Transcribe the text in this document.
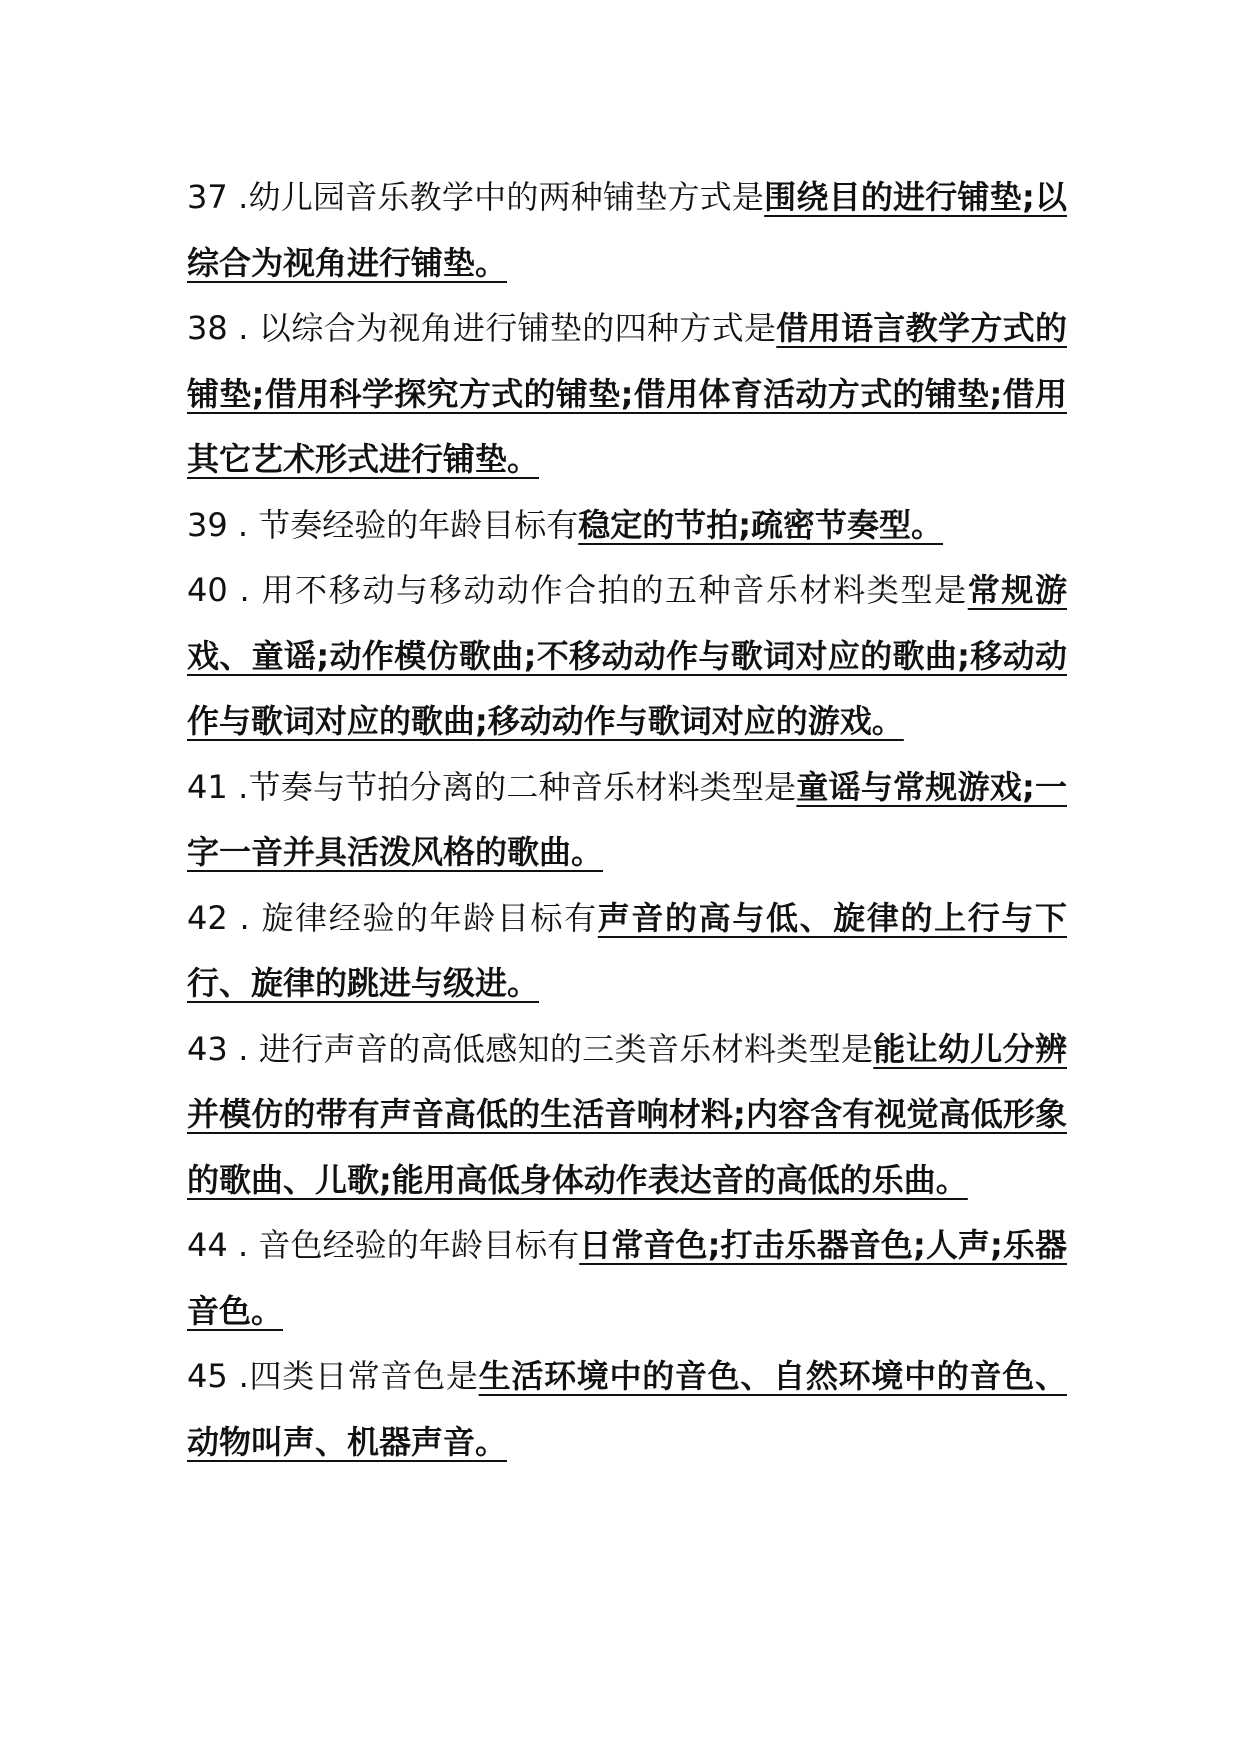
37 .幼儿园音乐教学中的两种铺垫方式是围绕目的进行铺垫;以综合为视角进行铺垫。

38 . 以综合为视角进行铺垫的四种方式是借用语言教学方式的铺垫;借用科学探究方式的铺垫;借用体育活动方式的铺垫;借用其它艺术形式进行铺垫。

39 . 节奏经验的年龄目标有稳定的节拍;疏密节奏型。

40 . 用不移动与移动动作合拍的五种音乐材料类型是常规游戏、童谣;动作模仿歌曲;不移动动作与歌词对应的歌曲;移动动作与歌词对应的歌曲;移动动作与歌词对应的游戏。

41 .节奏与节拍分离的二种音乐材料类型是童谣与常规游戏;一字一音并具活泼风格的歌曲。

42 . 旋律经验的年龄目标有声音的高与低、旋律的上行与下行、旋律的跳进与级进。

43 . 进行声音的高低感知的三类音乐材料类型是能让幼儿分辨并模仿的带有声音高低的生活音响材料;内容含有视觉高低形象的歌曲、儿歌;能用高低身体动作表达音的高低的乐曲。

44 . 音色经验的年龄目标有日常音色;打击乐器音色;人声;乐器音色。

45 .四类日常音色是生活环境中的音色、自然环境中的音色、动物叫声、机器声音。
